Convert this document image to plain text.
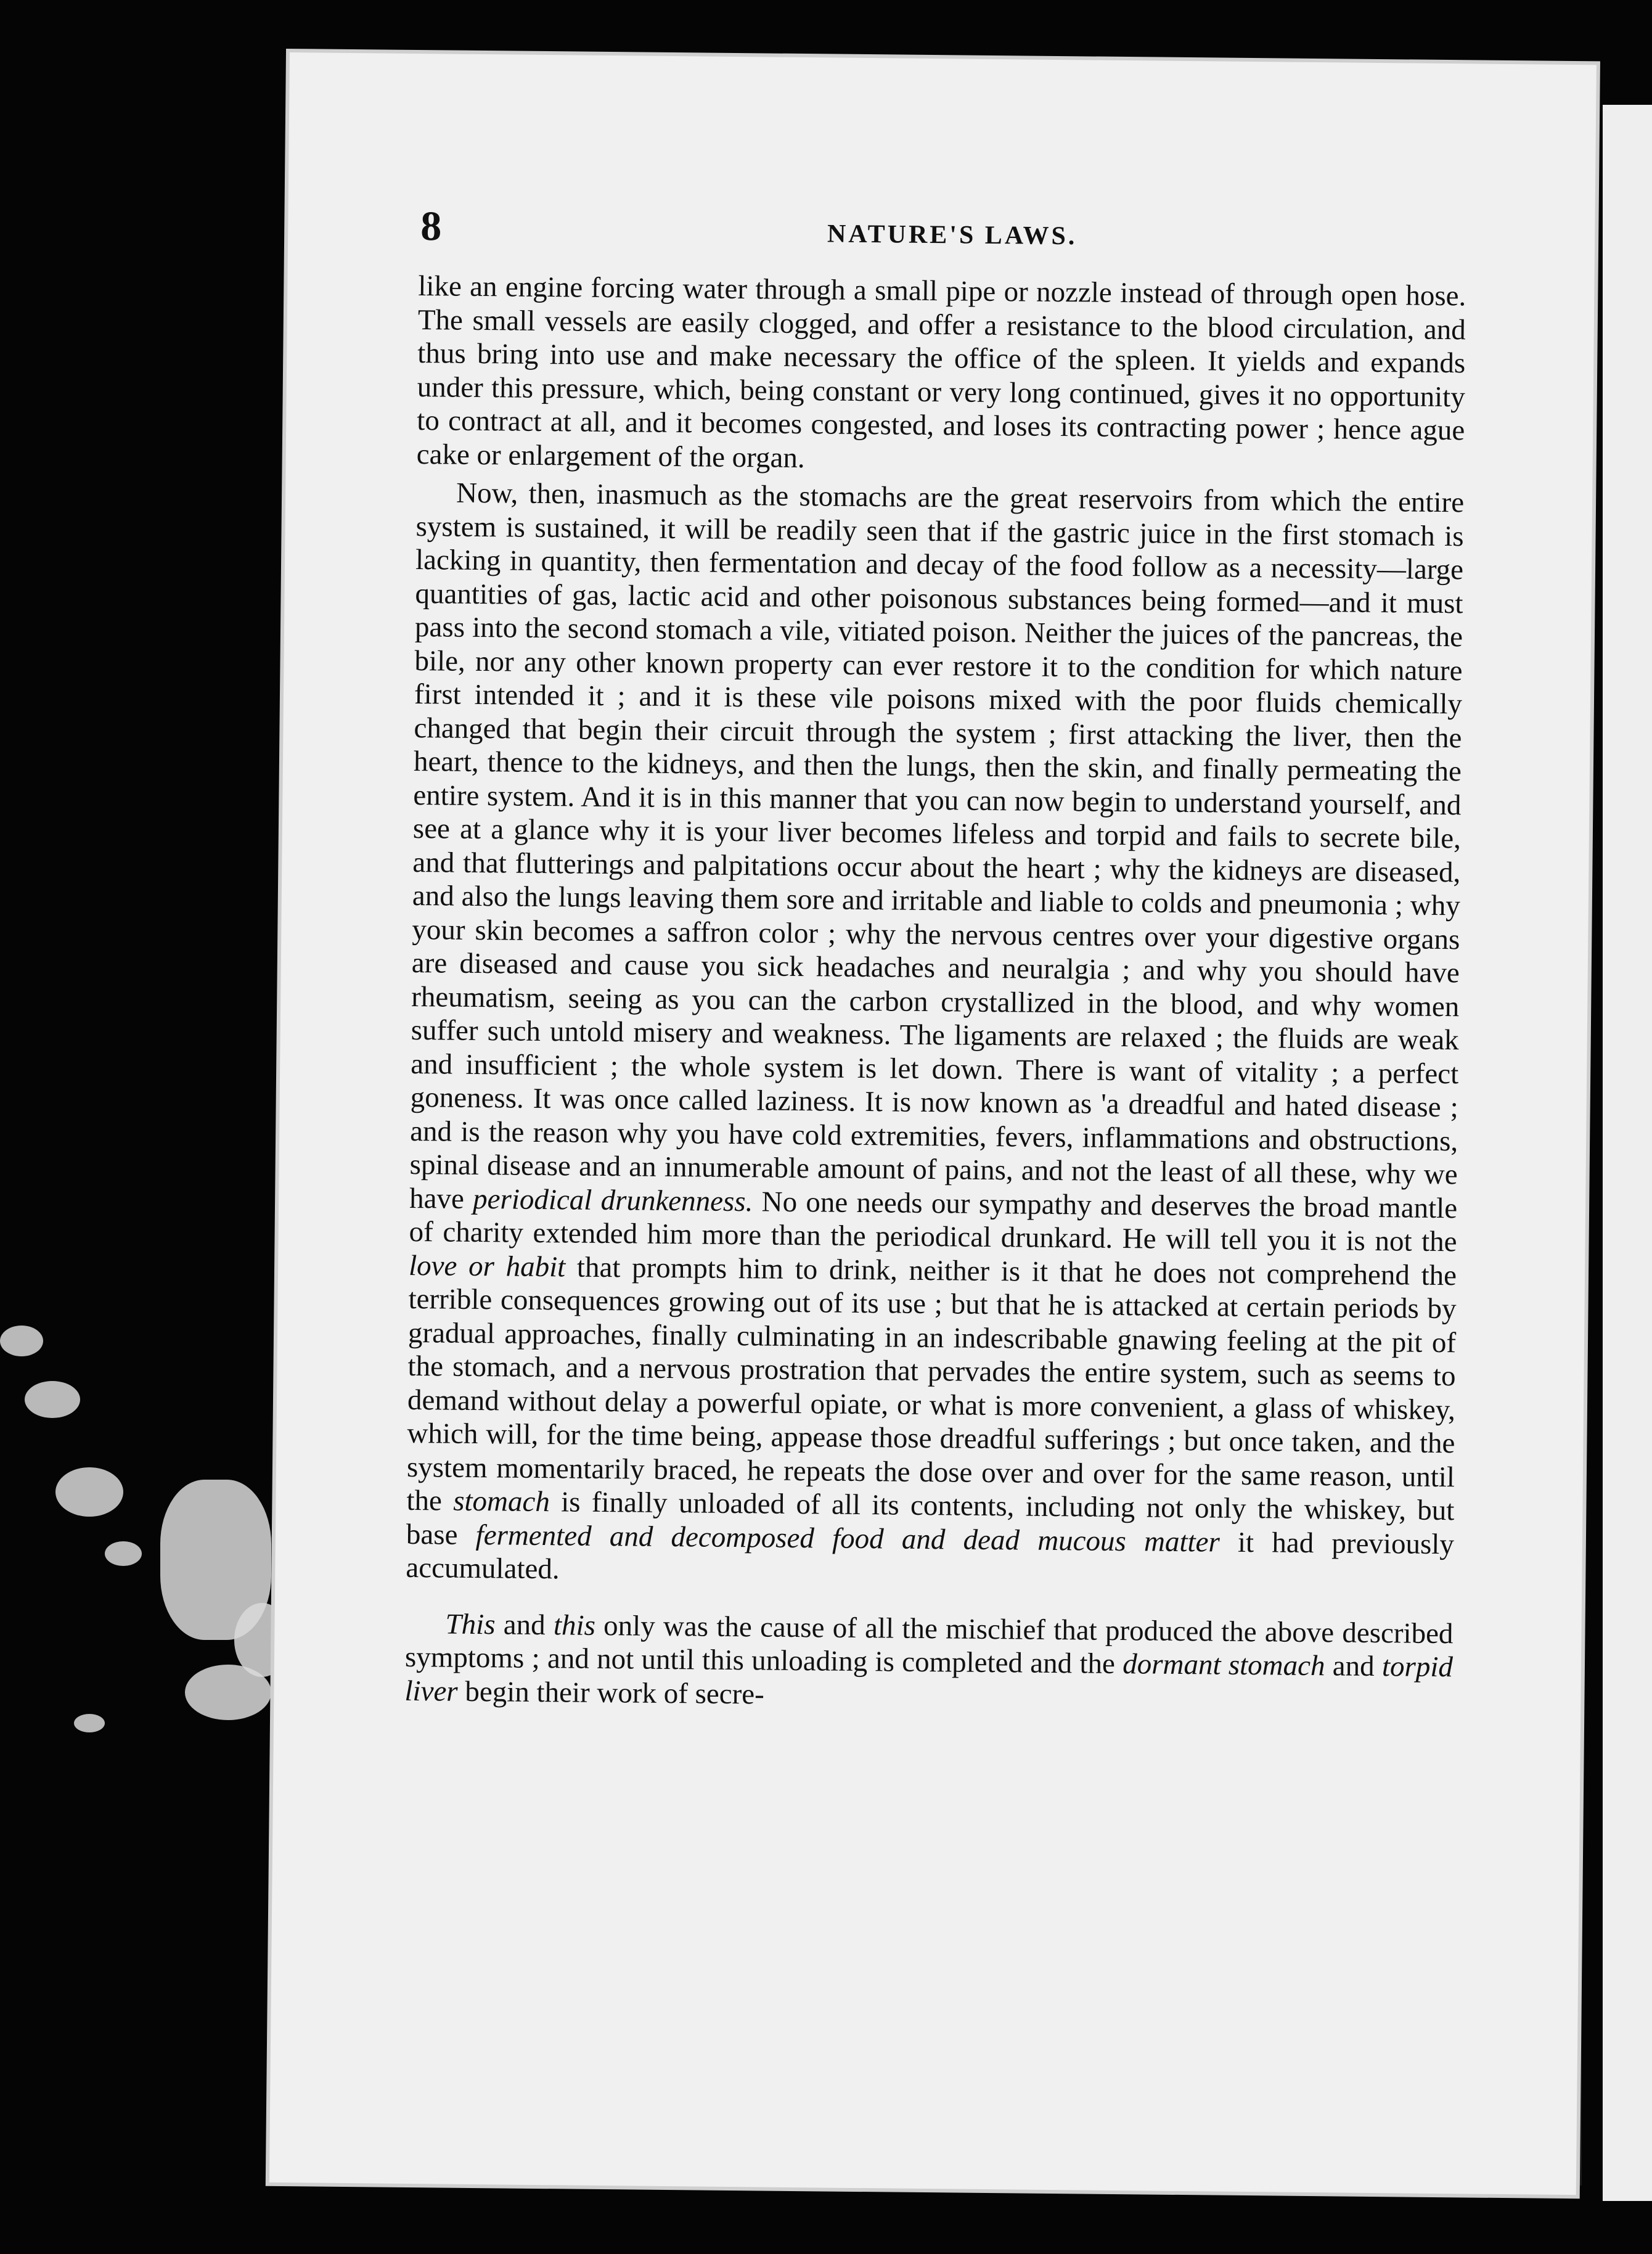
8	NATURE'S LAWS.

like an engine forcing water through a small pipe or nozzle instead of through open hose. The small vessels are easily clogged, and offer a resistance to the blood circulation, and thus bring into use and make necessary the office of the spleen. It yields and expands under this pressure, which, being constant or very long continued, gives it no opportunity to contract at all, and it becomes congested, and loses its contracting power ; hence ague cake or enlargement of the organ.

Now, then, inasmuch as the stomachs are the great reservoirs from which the entire system is sustained, it will be readily seen that if the gastric juice in the first stomach is lacking in quantity, then fermentation and decay of the food follow as a necessity—large quantities of gas, lactic acid and other poisonous substances being formed—and it must pass into the second stomach a vile, vitiated poison. Neither the juices of the pancreas, the bile, nor any other known property can ever restore it to the condition for which nature first intended it ; and it is these vile poisons mixed with the poor fluids chemically changed that begin their circuit through the system ; first attacking the liver, then the heart, thence to the kidneys, and then the lungs, then the skin, and finally permeating the entire system. And it is in this manner that you can now begin to understand yourself, and see at a glance why it is your liver becomes lifeless and torpid and fails to secrete bile, and that flutterings and palpitations occur about the heart ; why the kidneys are diseased, and also the lungs leaving them sore and irritable and liable to colds and pneumonia ; why your skin becomes a saffron color ; why the nervous centres over your digestive organs are diseased and cause you sick headaches and neuralgia ; and why you should have rheumatism, seeing as you can the carbon crystallized in the blood, and why women suffer such untold misery and weakness. The ligaments are relaxed ; the fluids are weak and insufficient ; the whole system is let down. There is want of vitality ; a perfect goneness. It was once called laziness. It is now known as 'a dreadful and hated disease ; and is the reason why you have cold extremities, fevers, inflammations and obstructions, spinal disease and an innumerable amount of pains, and not the least of all these, why we have periodical drunkenness. No one needs our sympathy and deserves the broad mantle of charity extended him more than the periodical drunkard. He will tell you it is not the love or habit that prompts him to drink, neither is it that he does not comprehend the terrible consequences growing out of its use ; but that he is attacked at certain periods by gradual approaches, finally culminating in an indescribable gnawing feeling at the pit of the stomach, and a nervous prostration that pervades the entire system, such as seems to demand without delay a powerful opiate, or what is more convenient, a glass of whiskey, which will, for the time being, appease those dreadful sufferings ; but once taken, and the system momentarily braced, he repeats the dose over and over for the same reason, until the stomach is finally unloaded of all its contents, including not only the whiskey, but base fermented and decomposed food and dead mucous matter it had previously accumulated.

This and this only was the cause of all the mischief that produced the above described symptoms ; and not until this unloading is completed and the dormant stomach and torpid liver begin their work of secre-
